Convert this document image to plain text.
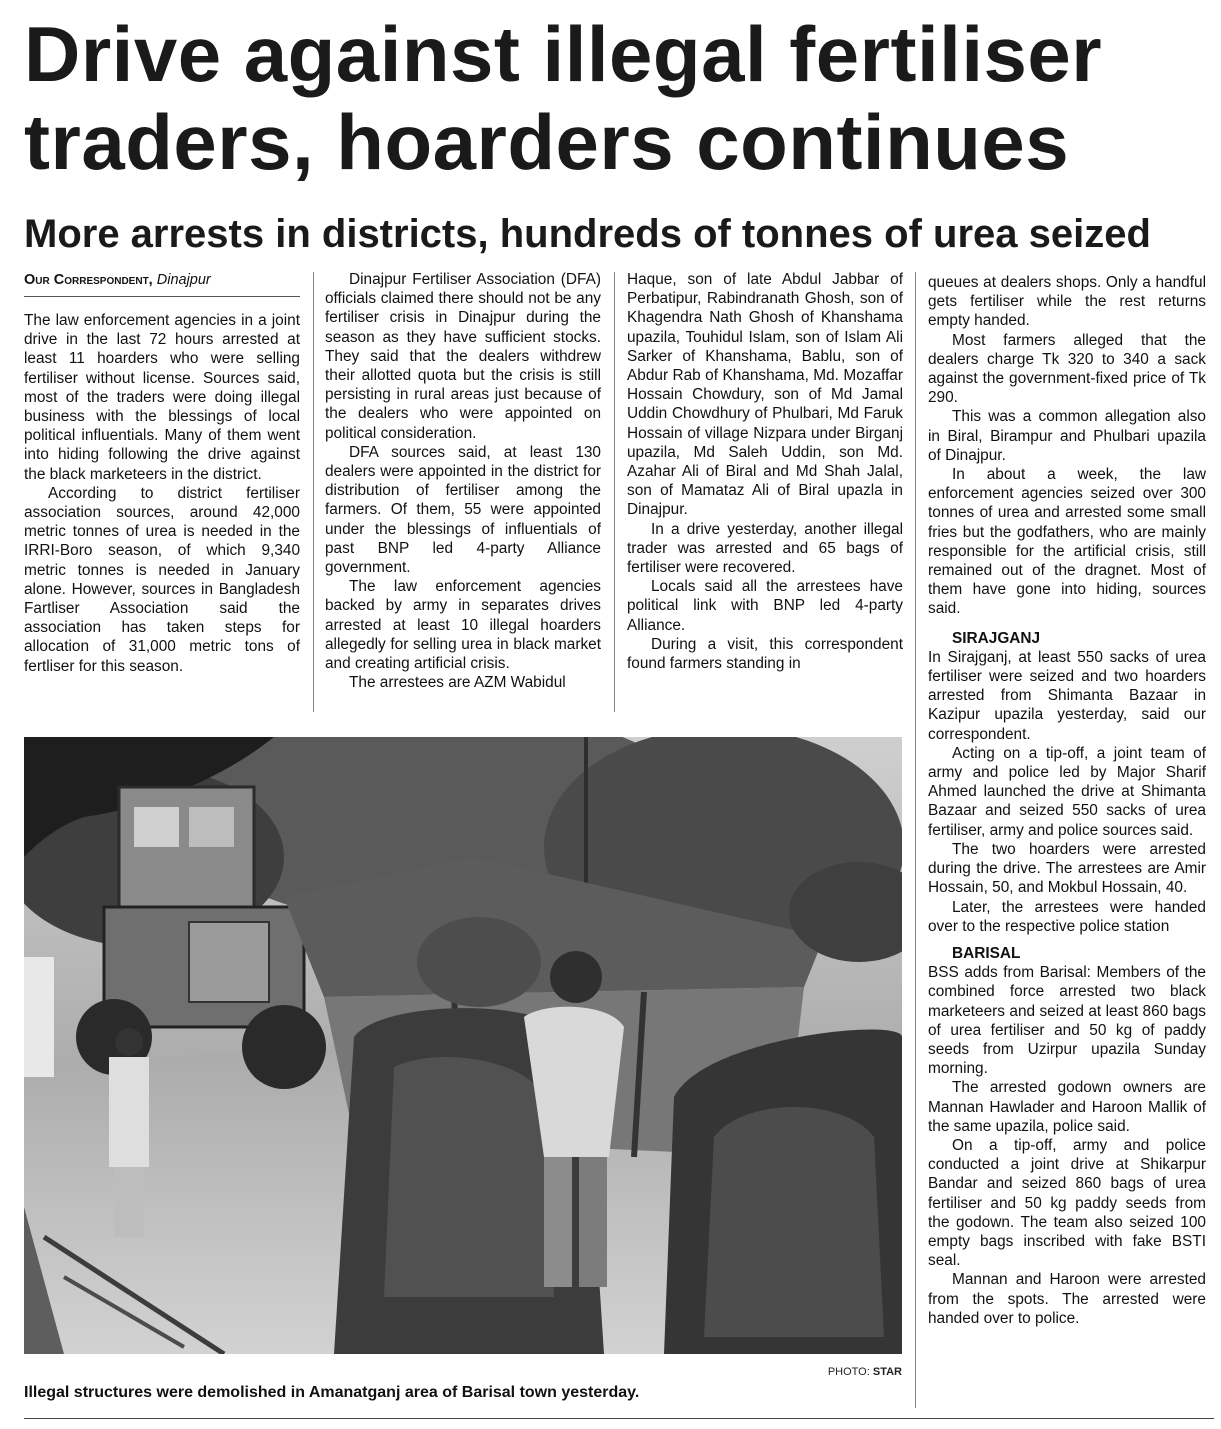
Drive against illegal fertiliser
traders, hoarders continues
More arrests in districts, hundreds of tonnes of urea seized
Our Correspondent, Dinajpur

The law enforcement agencies in a joint drive in the last 72 hours arrested at least 11 hoarders who were selling fertiliser without license. Sources said, most of the traders were doing illegal business with the blessings of local political influentials. Many of them went into hiding following the drive against the black marketeers in the district.

According to district fertiliser association sources, around 42,000 metric tonnes of urea is needed in the IRRI-Boro season, of which 9,340 metric tonnes is needed in January alone. However, sources in Bangladesh Fartliser Association said the association has taken steps for allocation of 31,000 metric tons of fertliser for this season.

Dinajpur Fertiliser Association (DFA) officials claimed there should not be any fertiliser crisis in Dinajpur during the season as they have sufficient stocks. They said that the dealers withdrew their allotted quota but the crisis is still persisting in rural areas just because of the dealers who were appointed on political consideration.

DFA sources said, at least 130 dealers were appointed in the district for distribution of fertiliser among the farmers. Of them, 55 were appointed under the blessings of influentials of past BNP led 4-party Alliance government.

The law enforcement agencies backed by army in separates drives arrested at least 10 illegal hoarders allegedly for selling urea in black market and creating artificial crisis.

The arrestees are AZM Wabidul

Haque, son of late Abdul Jabbar of Perbatipur, Rabindranath Ghosh, son of Khagendra Nath Ghosh of Khanshama upazila, Touhidul Islam, son of Islam Ali Sarker of Khanshama, Bablu, son of Abdur Rab of Khanshama, Md. Mozaffar Hossain Chowdury, son of Md Jamal Uddin Chowdhury of Phulbari, Md Faruk Hossain of village Nizpara under Birganj upazila, Md Saleh Uddin, son Md. Azahar Ali of Biral and Md Shah Jalal, son of Mamataz Ali of Biral upazla in Dinajpur.

In a drive yesterday, another illegal trader was arrested and 65 bags of fertiliser were recovered.

Locals said all the arrestees have political link with BNP led 4-party Alliance.

During a visit, this correspondent found farmers standing in

queues at dealers shops. Only a handful gets fertiliser while the rest returns empty handed.

Most farmers alleged that the dealers charge Tk 320 to 340 a sack against the government-fixed price of Tk 290.

This was a common allegation also in Biral, Birampur and Phulbari upazila of Dinajpur.

In about a week, the law enforcement agencies seized over 300 tonnes of urea and arrested some small fries but the godfathers, who are mainly responsible for the artificial crisis, still remained out of the dragnet. Most of them have gone into hiding, sources said.

SIRAJGANJ

In Sirajganj, at least 550 sacks of urea fertiliser were seized and two hoarders arrested from Shimanta Bazaar in Kazipur upazila yesterday, said our correspondent.

Acting on a tip-off, a joint team of army and police led by Major Sharif Ahmed launched the drive at Shimanta Bazaar and seized 550 sacks of urea fertiliser, army and police sources said.

The two hoarders were arrested during the drive. The arrestees are Amir Hossain, 50, and Mokbul Hossain, 40.

Later, the arrestees were handed over to the respective police station

BARISAL

BSS adds from Barisal: Members of the combined force arrested two black marketeers and seized at least 860 bags of urea fertiliser and 50 kg of paddy seeds from Uzirpur upazila Sunday morning.

The arrested godown owners are Mannan Hawlader and Haroon Mallik of the same upazila, police said.

On a tip-off, army and police conducted a joint drive at Shikarpur Bandar and seized 860 bags of urea fertiliser and 50 kg paddy seeds from the godown. The team also seized 100 empty bags inscribed with fake BSTI seal.

Mannan and Haroon were arrested from the spots. The arrested were handed over to police.

PHOTO: STAR
Illegal structures were demolished in Amanatganj area of Barisal town yesterday.
